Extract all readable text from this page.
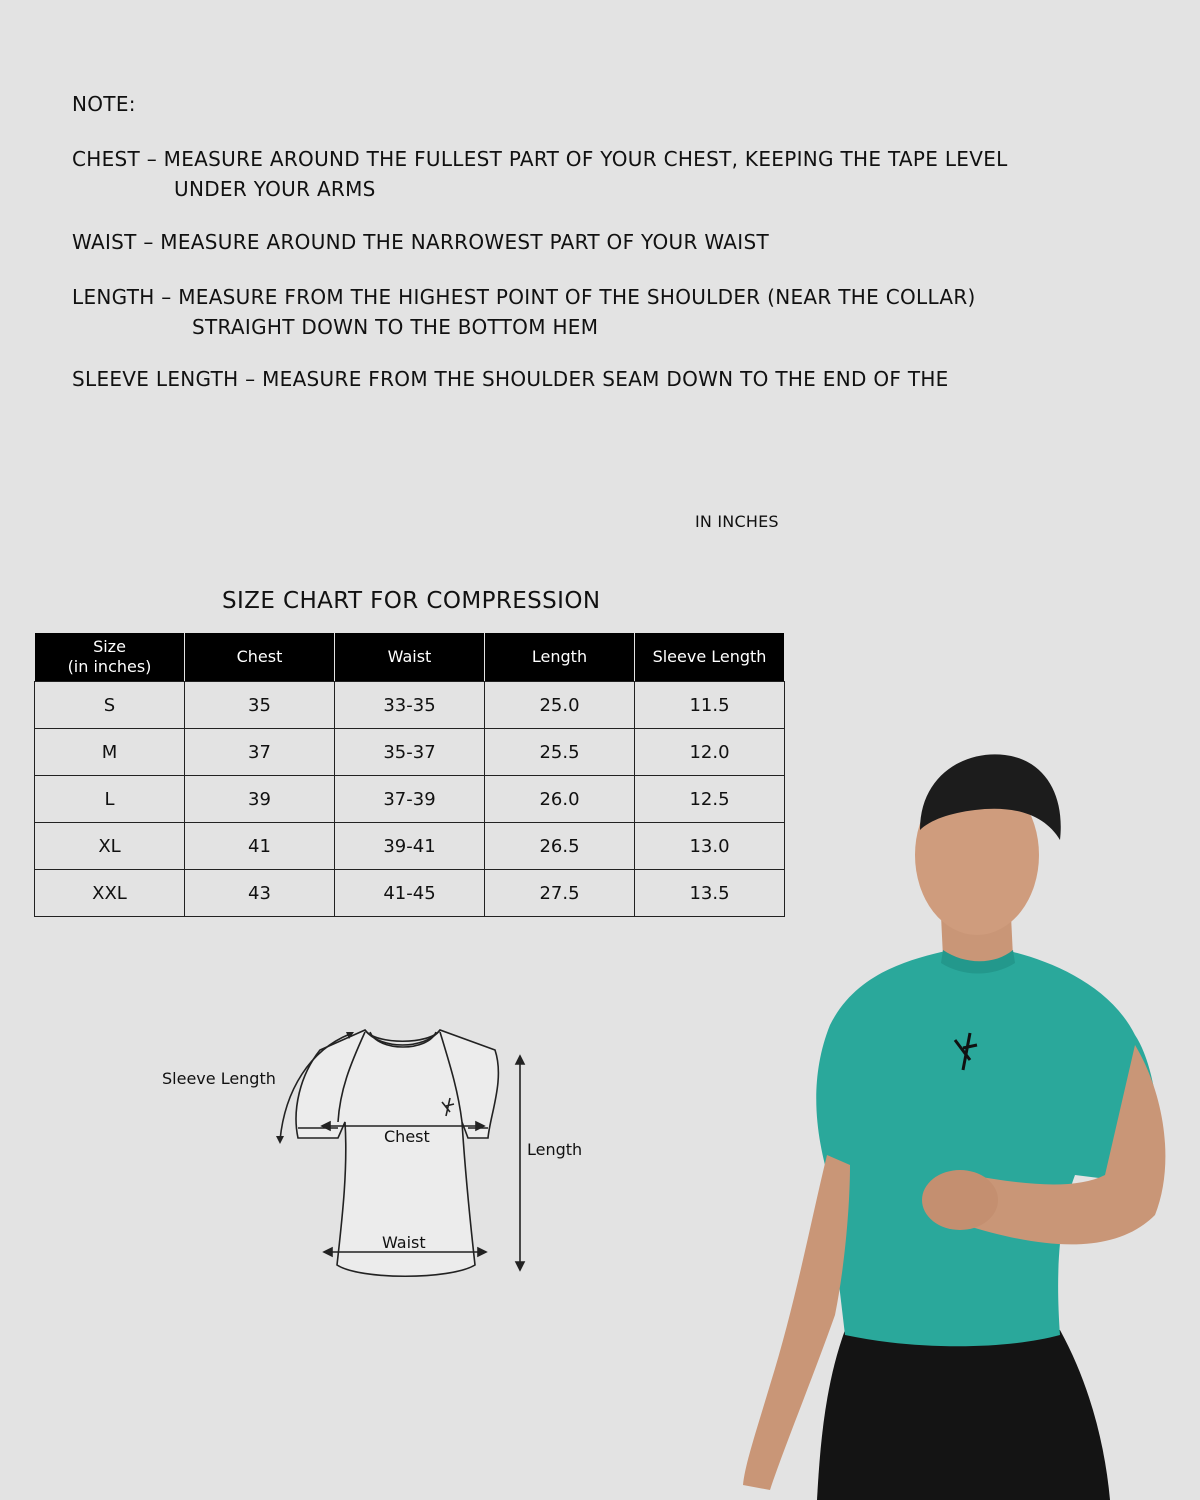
NOTE:
CHEST – MEASURE AROUND THE FULLEST PART OF YOUR CHEST, KEEPING THE TAPE LEVEL
UNDER YOUR ARMS
WAIST – MEASURE AROUND THE NARROWEST PART OF YOUR WAIST
LENGTH – MEASURE FROM THE HIGHEST POINT OF THE SHOULDER (NEAR THE COLLAR)
STRAIGHT DOWN TO THE BOTTOM HEM
SLEEVE LENGTH – MEASURE FROM THE SHOULDER SEAM DOWN TO THE END OF THE
IN INCHES
SIZE CHART FOR COMPRESSION
Size
(in inches)	Chest	Waist	Length	Sleeve Length
S	35	33-35	25.0	11.5
M	37	35-37	25.5	12.0
L	39	37-39	26.0	12.5
XL	41	39-41	26.5	13.0
XXL	43	41-45	27.5	13.5
Chest
Waist
Length
Sleeve Length
